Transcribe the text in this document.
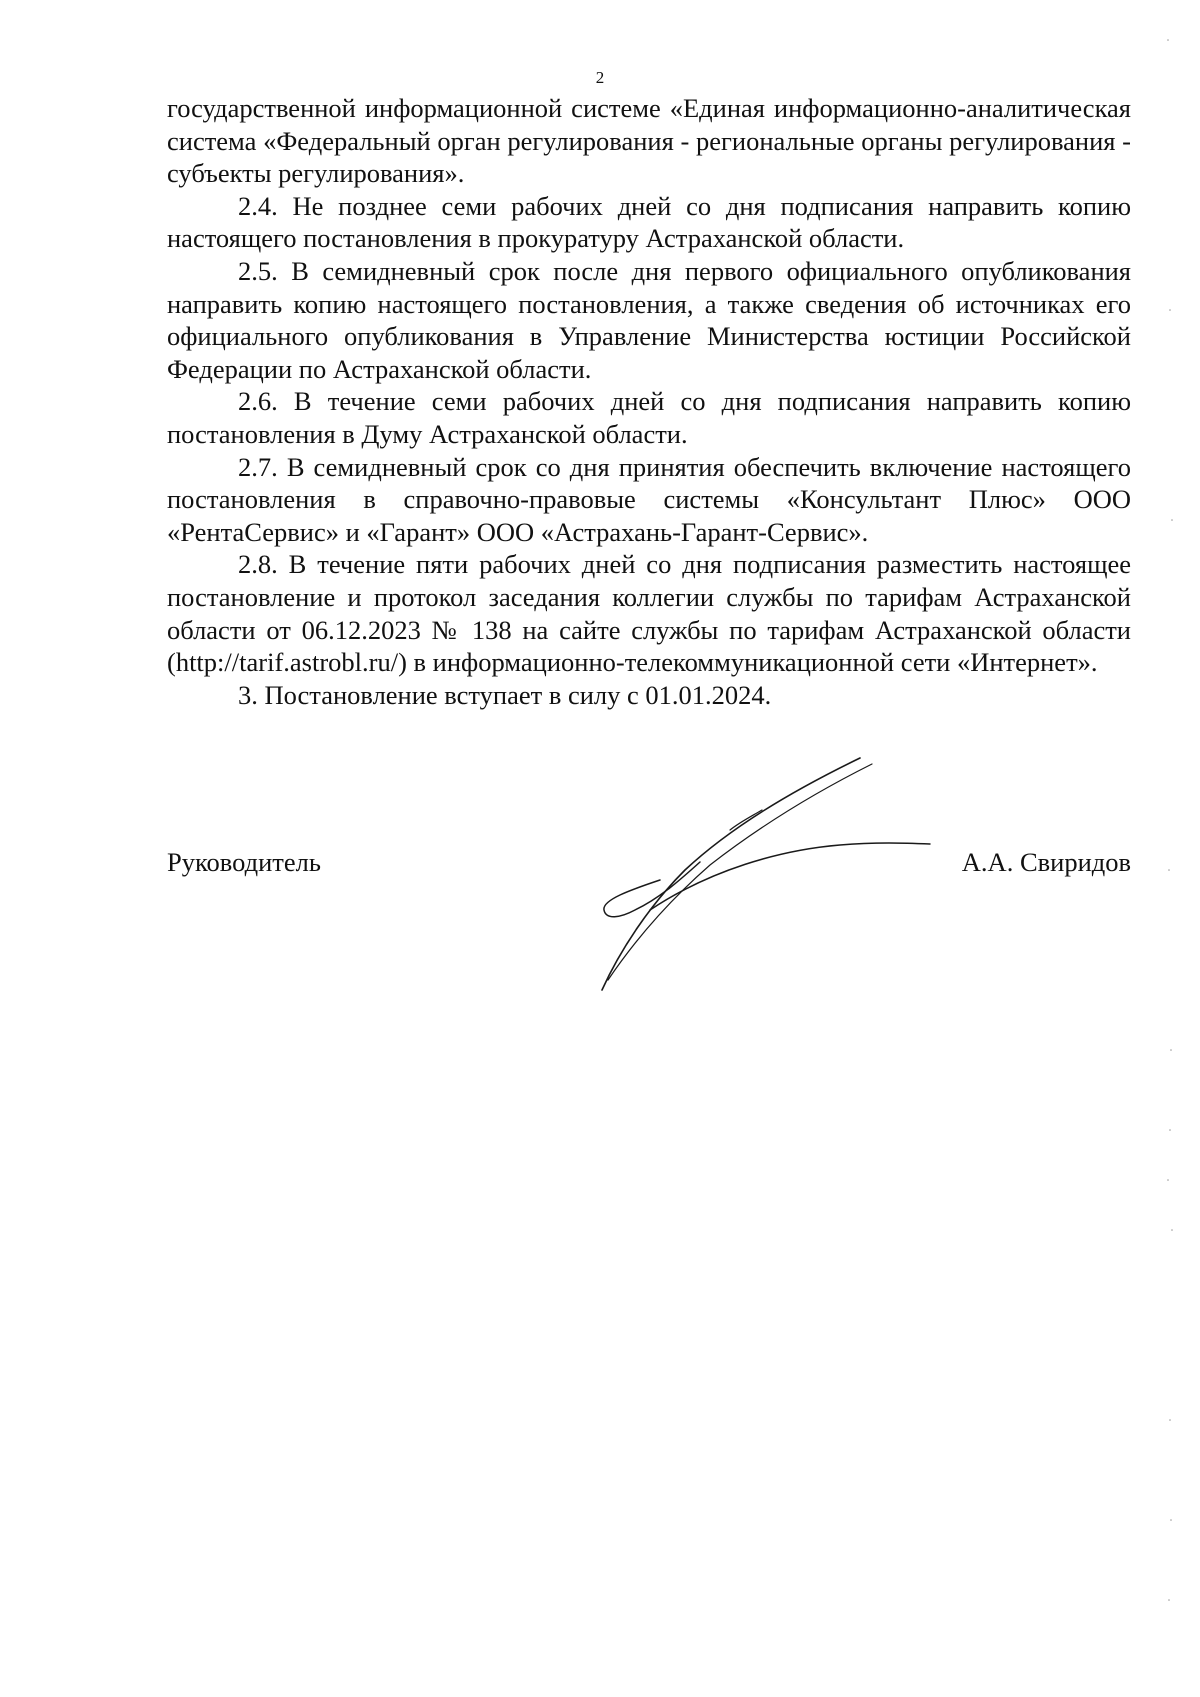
2

государственной информационной системе «Единая информационно-аналитическая система «Федеральный орган регулирования - региональные органы регулирования - субъекты регулирования».

2.4. Не позднее семи рабочих дней со дня подписания направить копию настоящего постановления в прокуратуру Астраханской области.

2.5. В семидневный срок после дня первого официального опубликования направить копию настоящего постановления, а также сведения об источниках его официального опубликования в Управление Министерства юстиции Российской Федерации по Астраханской области.

2.6. В течение семи рабочих дней со дня подписания направить копию постановления в Думу Астраханской области.

2.7. В семидневный срок со дня принятия обеспечить включение настоящего постановления в справочно-правовые системы «Консультант Плюс» ООО «РентаСервис» и «Гарант» ООО «Астрахань-Гарант-Сервис».

2.8. В течение пяти рабочих дней со дня подписания разместить настоящее постановление и протокол заседания коллегии службы по тарифам Астраханской области от 06.12.2023 № 138 на сайте службы по тарифам Астраханской области (http://tarif.astrobl.ru/) в информационно-телекоммуникационной сети «Интернет».

3. Постановление вступает в силу с 01.01.2024.

Руководитель	А.А. Свиридов
